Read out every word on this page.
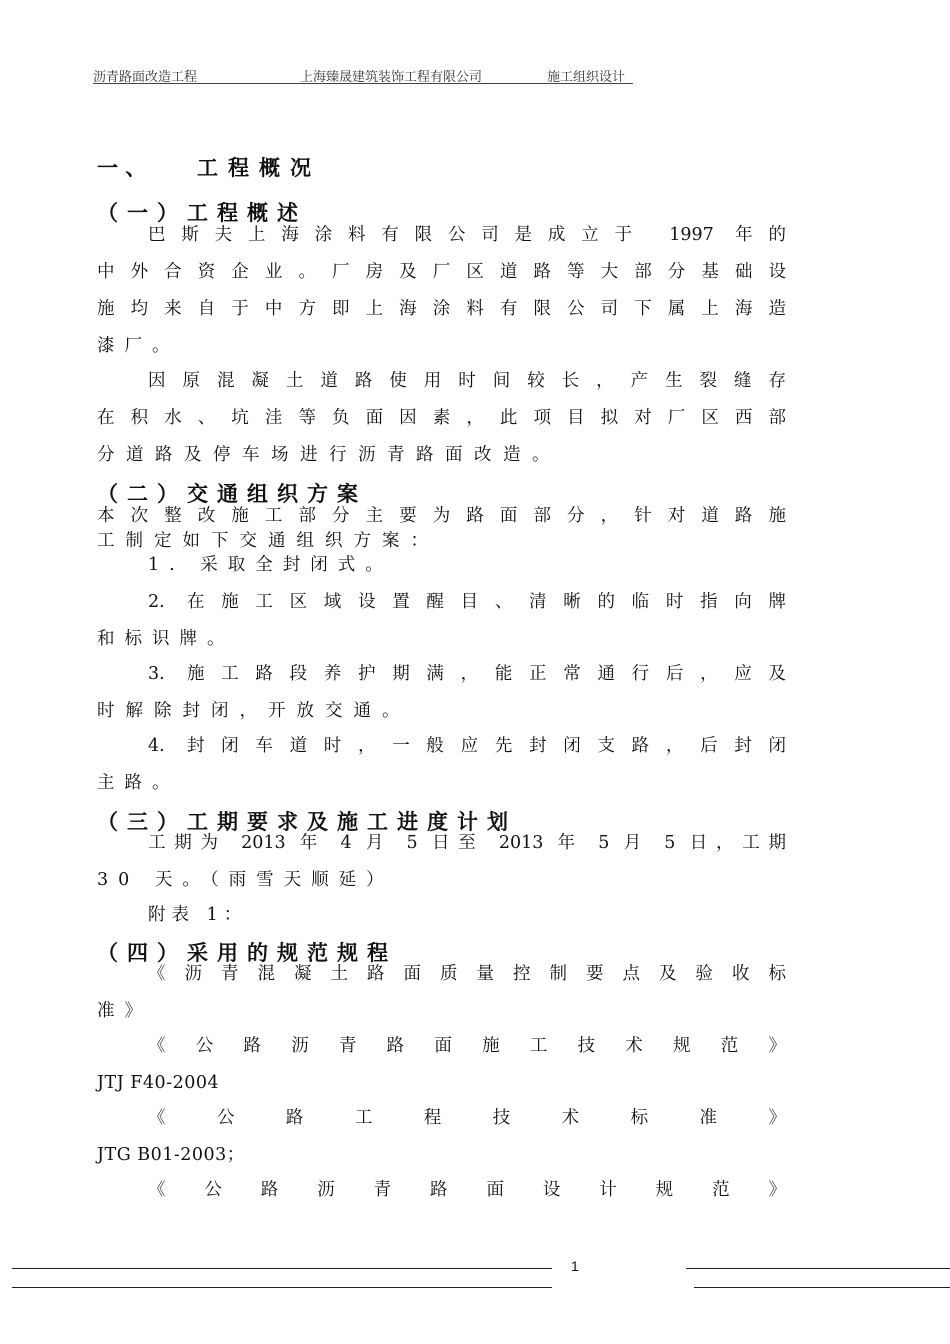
沥青路面改造工程	上海臻晟建筑装饰工程有限公司	施工组织设计
一 、 工程概况
（一）工程概述
巴斯夫上海涂料有限公司是成立于 1997 年的
中外合资企业。厂房及厂区道路等大部分基础设
施均来自于中方即上海涂料有限公司下属上海造
漆厂。
因原混凝土道路使用时间较长，产生裂缝存
在积水、坑洼等负面因素，此项目拟对厂区西部
分道路及停车场进行沥青路面改造。
（二）交通组织方案
本次整改施工部分主要为路面部分，针对道路施
工制定如下交通组织方案：
1. 采取全封闭式。
2. 在施工区域设置醒目、清晰的临时指向牌
和标识牌。
3. 施工路段养护期满，能正常通行后，应及
时解除封闭，开放交通。
4. 封闭车道时，一般应先封闭支路，后封闭
主路。
（三）工期要求及施工进度计划
工期为 2013 年 4 月 5 日至 2013 年 5 月 5 日，工期
30 天。（雨雪天顺延）
附表 1：
（四）采用的规范规程
《沥青混凝土路面质量控制要点及验收标
准》
《公路沥青路面施工技术规范》
JTJ F40-2004
《公路工程技术标准》
JTG B01-2003；
《公路沥青路面设计规范》
1
